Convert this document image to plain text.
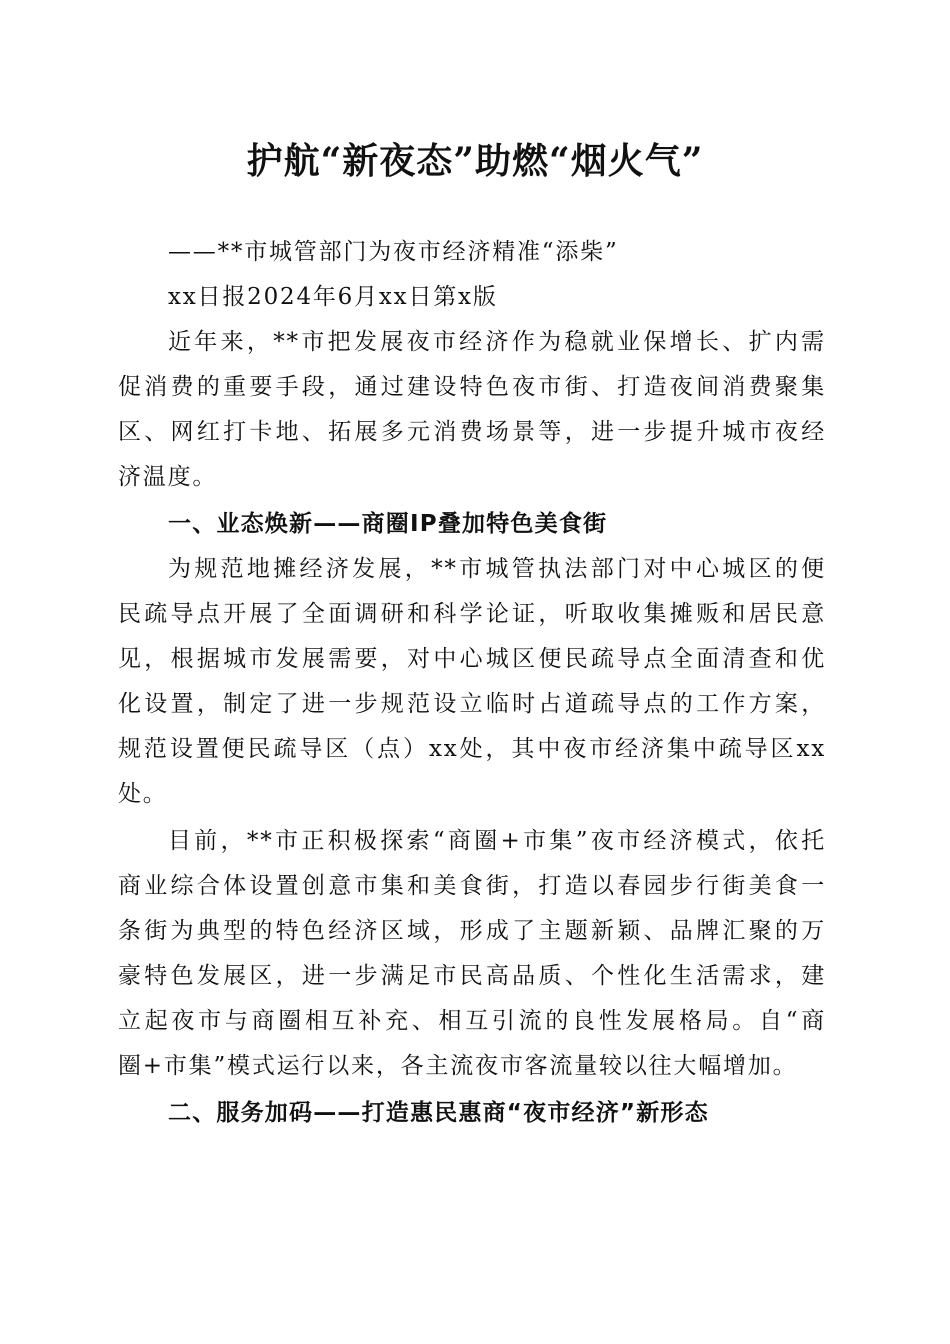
护航“新夜态”助燃“烟火气”

——**市城管部门为夜市经济精准“添柴”

xx日报2024年6月xx日第x版

近年来，**市把发展夜市经济作为稳就业保增长、扩内需

促消费的重要手段，通过建设特色夜市街、打造夜间消费聚集

区、网红打卡地、拓展多元消费场景等，进一步提升城市夜经

济温度。

一、业态焕新——商圈IP叠加特色美食街

为规范地摊经济发展，**市城管执法部门对中心城区的便

民疏导点开展了全面调研和科学论证，听取收集摊贩和居民意

见，根据城市发展需要，对中心城区便民疏导点全面清查和优

化设置，制定了进一步规范设立临时占道疏导点的工作方案，

规范设置便民疏导区（点）xx处，其中夜市经济集中疏导区xx

处。

目前，**市正积极探索“商圈+市集”夜市经济模式，依托

商业综合体设置创意市集和美食街，打造以春园步行街美食一

条街为典型的特色经济区域，形成了主题新颖、品牌汇聚的万

豪特色发展区，进一步满足市民高品质、个性化生活需求，建

立起夜市与商圈相互补充、相互引流的良性发展格局。自“商

圈+市集”模式运行以来，各主流夜市客流量较以往大幅增加。

二、服务加码——打造惠民惠商“夜市经济”新形态
